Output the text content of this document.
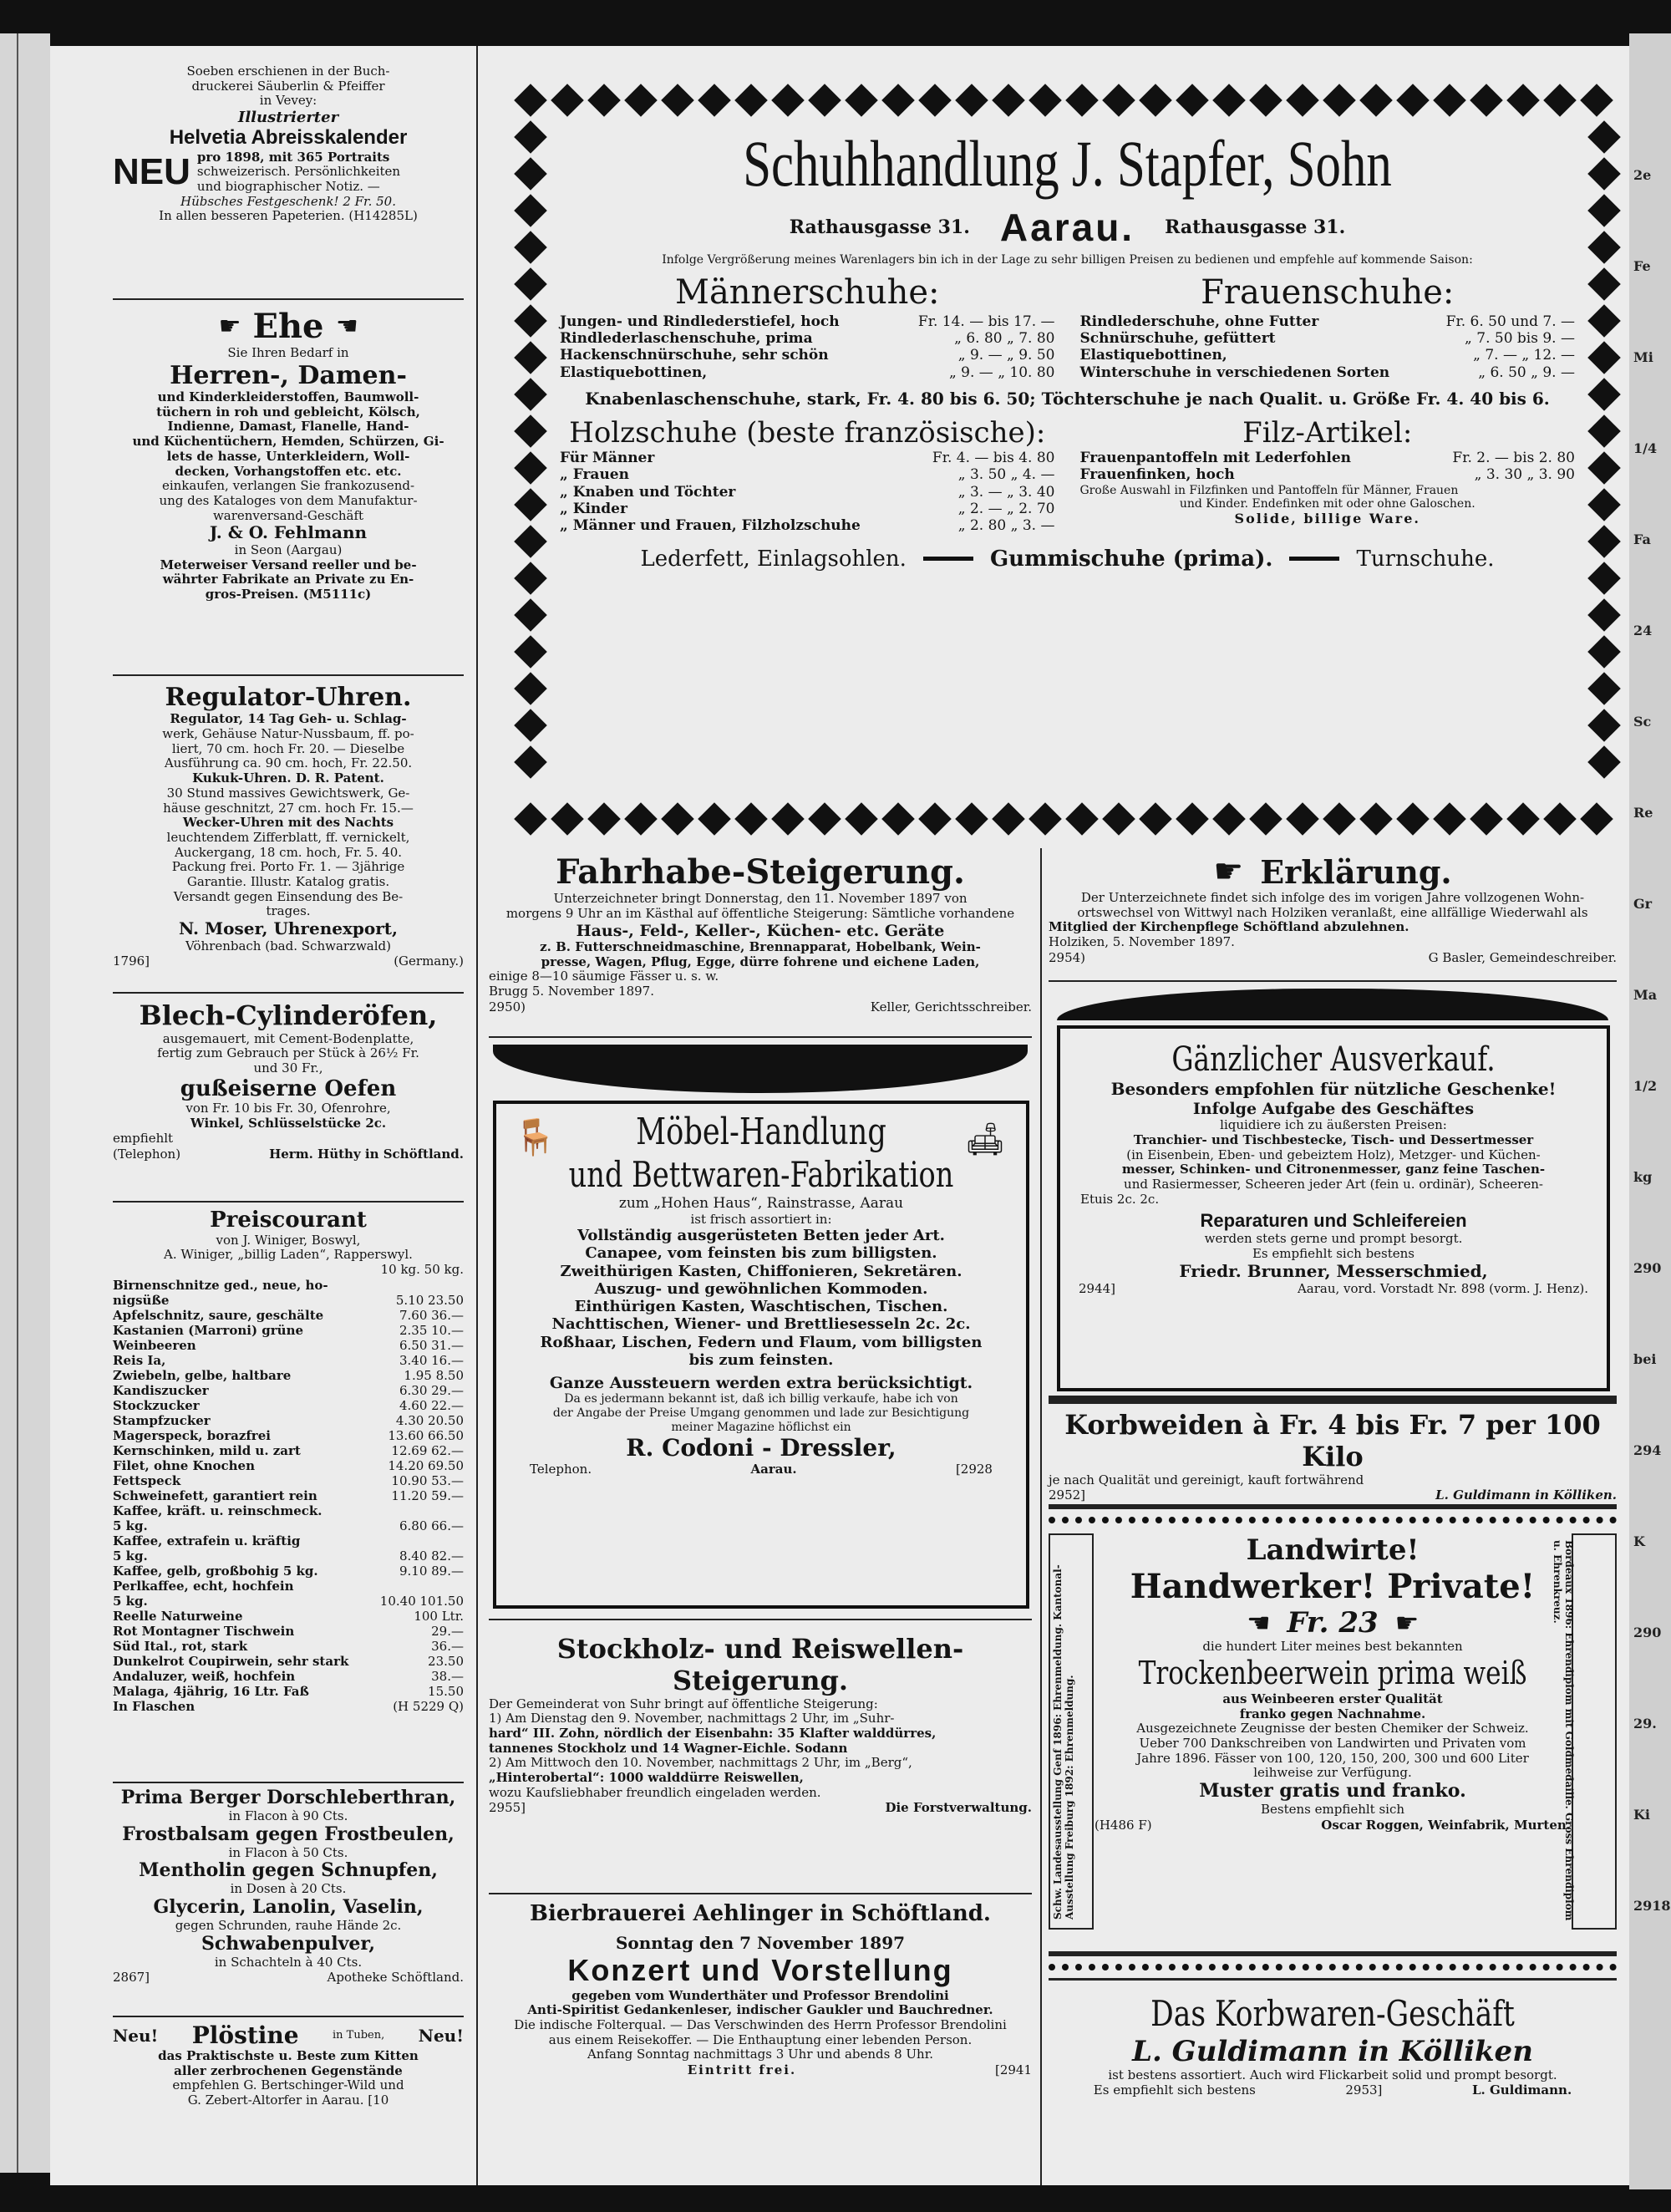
Soeben erschienen in der Buch-
druckerei Säuberlin & Pfeiffer
in Vevey:
Illustrierter
Helvetia Abreisskalender
NEU pro 1898, mit 365 Portraits
schweizerisch. Persönlichkeiten
und biographischer Notiz. —
Hübsches Festgeschenk! 2 Fr. 50.
In allen besseren Papeterien. (H14285L)
☛ Ehe ☛
Sie Ihren Bedarf in
Herren-, Damen-
und Kinderkleiderstoffen, Baumwoll-
tüchern in roh und gebleicht, Kölsch,
Indienne, Damast, Flanelle, Hand-
und Küchentüchern, Hemden, Schürzen, Gi-
lets de hasse, Unterkleidern, Woll-
decken, Vorhangstoffen etc. etc.
einkaufen, verlangen Sie frankozusend-
ung des Kataloges von dem Manufaktur-
warenversand-Geschäft
J. & O. Fehlmann
in Seon (Aargau)
Meterweiser Versand reeller und be-
währter Fabrikate an Private zu En-
gros-Preisen. (M5111c)
Regulator-Uhren.
Regulator, 14 Tag Geh- u. Schlag-
werk, Gehäuse Natur-Nussbaum, ff. po-
liert, 70 cm. hoch Fr. 20. — Dieselbe
Ausführung ca. 90 cm. hoch, Fr. 22.50.
Kukuk-Uhren. D. R. Patent.
30 Stund massives Gewichtswerk, Ge-
häuse geschnitzt, 27 cm. hoch Fr. 15.—
Wecker-Uhren mit des Nachts
leuchtendem Zifferblatt, ff. vernickelt,
Auckergang, 18 cm. hoch, Fr. 5. 40.
Packung frei. Porto Fr. 1. — 3jährige
Garantie. Illustr. Katalog gratis.
Versandt gegen Einsendung des Be-
trages.
N. Moser, Uhrenexport,
Vöhrenbach (bad. Schwarzwald)
1796]	(Germany.)
Blech-Cylinderöfen,
ausgemauert, mit Cement-Bodenplatte,
fertig zum Gebrauch per Stück à 26½ Fr.
und 30 Fr.,
gußeiserne Oefen
von Fr. 10 bis Fr. 30, Ofenrohre,
Winkel, Schlüsselstücke 2c.
empfiehlt
(Telephon)	Herm. Hüthy in Schöftland.
Preiscourant
von J. Winiger, Boswyl,
A. Winiger, „billig Laden“, Rapperswyl.
10 kg. 50 kg.
Birnenschnitze ged., neue, ho-
nigsüße	5.10 23.50
Apfelschnitz, saure, geschälte	7.60 36.—
Kastanien (Marroni) grüne	2.35 10.—
Weinbeeren	6.50 31.—
Reis Ia,	3.40 16.—
Zwiebeln, gelbe, haltbare	1.95 8.50
Kandiszucker	6.30 29.—
Stockzucker	4.60 22.—
Stampfzucker	4.30 20.50
Magerspeck, borazfrei	13.60 66.50
Kernschinken, mild u. zart	12.69 62.—
Filet, ohne Knochen	14.20 69.50
Fettspeck	10.90 53.—
Schweinefett, garantiert rein	11.20 59.—
Kaffee, kräft. u. reinschmeck.
5 kg.	6.80 66.—
Kaffee, extrafein u. kräftig
5 kg.	8.40 82.—
Kaffee, gelb, großbohig 5 kg.	9.10 89.—
Perlkaffee, echt, hochfein
5 kg.	10.40 101.50
Reelle Naturweine	100 Ltr.
Rot Montagner Tischwein	29.—
Süd Ital., rot, stark	36.—
Dunkelrot Coupirwein, sehr stark	23.50
Andaluzer, weiß, hochfein	38.—
Malaga, 4jährig, 16 Ltr. Faß	15.50
In Flaschen	(H 5229 Q)
Prima Berger Dorschleberthran,
in Flacon à 90 Cts.
Frostbalsam gegen Frostbeulen,
in Flacon à 50 Cts.
Mentholin gegen Schnupfen,
in Dosen à 20 Cts.
Glycerin, Lanolin, Vaselin,
gegen Schrunden, rauhe Hände 2c.
Schwabenpulver,
in Schachteln à 40 Cts.
2867]	Apotheke Schöftland.
Neu! Plöstine	in Tuben, Neu!
das Praktischste u. Beste zum Kitten
aller zerbrochenen Gegenstände
empfehlen G. Bertschinger-Wild und
G. Zebert-Altorfer in Aarau. [10
Schuhhandlung J. Stapfer, Sohn
Rathausgasse 31. Aarau. Rathausgasse 31.
Infolge Vergrößerung meines Warenlagers bin ich in der Lage zu sehr billigen Preisen zu bedienen und empfehle auf kommende Saison:
Männerschuhe:
Jungen- und Rindlederstiefel, hoch	Fr. 14. — bis 17. —
Rindlederlaschenschuhe, prima	„ 6. 80 „ 7. 80
Hackenschnürschuhe, sehr schön	„ 9. — „ 9. 50
Elastiquebottinen,	„ 9. — „ 10. 80
Frauenschuhe:
Rindlederschuhe, ohne Futter	Fr. 6. 50 und 7. —
Schnürschuhe, gefüttert	„ 7. 50 bis 9. —
Elastiquebottinen,	„ 7. — „ 12. —
Winterschuhe in verschiedenen Sorten	„ 6. 50 „ 9. —
Knabenlaschenschuhe, stark, Fr. 4. 80 bis 6. 50; Töchterschuhe je nach Qualit. u. Größe Fr. 4. 40 bis 6.
Holzschuhe (beste französische):
Für Männer	Fr. 4. — bis 4. 80
„ Frauen	„ 3. 50 „ 4. —
„ Knaben und Töchter	„ 3. — „ 3. 40
„ Kinder	„ 2. — „ 2. 70
„ Männer und Frauen, Filzholzschuhe	„ 2. 80 „ 3. —
Filz-Artikel:
Frauenpantoffeln mit Lederfohlen	Fr. 2. — bis 2. 80
Frauenfinken, hoch	„ 3. 30 „ 3. 90
Große Auswahl in Filzfinken und Pantoffeln für Männer, Frauen
und Kinder. Endefinken mit oder ohne Galoschen.
Solide, billige Ware.
Lederfett, Einlagsohlen.	Gummischuhe (prima).	Turnschuhe.
Fahrhabe-Steigerung.
Unterzeichneter bringt Donnerstag, den 11. November 1897 von
morgens 9 Uhr an im Kästhal auf öffentliche Steigerung: Sämtliche vorhandene
Haus-, Feld-, Keller-, Küchen- etc. Geräte
z. B. Futterschneidmaschine, Brennapparat, Hobelbank, Wein-
presse, Wagen, Pflug, Egge, dürre fohrene und eichene Laden,
einige 8—10 säumige Fässer u. s. w.
Brugg 5. November 1897.
2950)	Keller, Gerichtsschreiber.
🪑	🛋
Möbel-Handlung
und Bettwaren-Fabrikation
zum „Hohen Haus“, Rainstrasse, Aarau
ist frisch assortiert in:
Vollständig ausgerüsteten Betten jeder Art.
Canapee, vom feinsten bis zum billigsten.
Zweithürigen Kasten, Chiffonieren, Sekretären.
Auszug- und gewöhnlichen Kommoden.
Einthürigen Kasten, Waschtischen, Tischen.
Nachttischen, Wiener- und Brettliesesseln 2c. 2c.
Roßhaar, Lischen, Federn und Flaum, vom billigsten
bis zum feinsten.
Ganze Aussteuern werden extra berücksichtigt.
Da es jedermann bekannt ist, daß ich billig verkaufe, habe ich von
der Angabe der Preise Umgang genommen und lade zur Besichtigung
meiner Magazine höflichst ein
R. Codoni - Dressler,
Telephon.	Aarau.	[2928
Stockholz- und Reiswellen-Steigerung.
Der Gemeinderat von Suhr bringt auf öffentliche Steigerung:
1) Am Dienstag den 9. November, nachmittags 2 Uhr, im „Suhr-
hard“ III. Zohn, nördlich der Eisenbahn: 35 Klafter walddürres,
tannenes Stockholz und 14 Wagner-Eichle. Sodann
2) Am Mittwoch den 10. November, nachmittags 2 Uhr, im „Berg“,
„Hinterobertal“: 1000 walddürre Reiswellen,
wozu Kaufsliebhaber freundlich eingeladen werden.
2955]	Die Forstverwaltung.
Bierbrauerei Aehlinger in Schöftland.
Sonntag den 7 November 1897
Konzert und Vorstellung
gegeben vom Wunderthäter und Professor Brendolini
Anti-Spiritist Gedankenleser, indischer Gaukler und Bauchredner.
Die indische Folterqual. — Das Verschwinden des Herrn Professor Brendolini
aus einem Reisekoffer. — Die Enthauptung einer lebenden Person.
Anfang Sonntag nachmittags 3 Uhr und abends 8 Uhr.
Eintritt frei.	[2941
☛ Erklärung.
Der Unterzeichnete findet sich infolge des im vorigen Jahre vollzogenen Wohn-
ortswechsel von Wittwyl nach Holziken veranlaßt, eine allfällige Wiederwahl als
Mitglied der Kirchenpflege Schöftland abzulehnen.
Holziken, 5. November 1897.
2954)	G Basler, Gemeindeschreiber.
Gänzlicher Ausverkauf.
Besonders empfohlen für nützliche Geschenke!
Infolge Aufgabe des Geschäftes
liquidiere ich zu äußersten Preisen:
Tranchier- und Tischbestecke, Tisch- und Dessertmesser
(in Eisenbein, Eben- und gebeiztem Holz), Metzger- und Küchen-
messer, Schinken- und Citronenmesser, ganz feine Taschen-
und Rasiermesser, Scheeren jeder Art (fein u. ordinär), Scheeren-
Etuis 2c. 2c.
Reparaturen und Schleifereien
werden stets gerne und prompt besorgt.
Es empfiehlt sich bestens
Friedr. Brunner, Messerschmied,
2944]	Aarau, vord. Vorstadt Nr. 898 (vorm. J. Henz).
Korbweiden à Fr. 4 bis Fr. 7 per 100 Kilo
je nach Qualität und gereinigt, kauft fortwährend
2952]	L. Guldimann in Kölliken.
Schw. Landesausstellung Genf 1896: Ehrenmeldung. Kantonal-Ausstellung Freiburg 1892: Ehrenmeldung.	Bordeaux 1896: Ehrendiplom mit Goldmedaille. Gross Ehrendiplom u. Ehrenkreuz.
Landwirte!
Handwerker! Private!
☛ Fr. 23 ☛
die hundert Liter meines best bekannten
Trockenbeerwein prima weiß
aus Weinbeeren erster Qualität
franko gegen Nachnahme.
Ausgezeichnete Zeugnisse der besten Chemiker der Schweiz.
Ueber 700 Dankschreiben von Landwirten und Privaten vom
Jahre 1896. Fässer von 100, 120, 150, 200, 300 und 600 Liter
leihweise zur Verfügung.
Muster gratis und franko.
Bestens empfiehlt sich
(H486 F)	Oscar Roggen, Weinfabrik, Murten.
Das Korbwaren-Geschäft
L. Guldimann in Kölliken
ist bestens assortiert. Auch wird Flickarbeit solid und prompt besorgt.
Es empfiehlt sich bestens	2953]	L. Guldimann.
2e
Fe
Mi
1/4
Fa
24
Sc
Re
Gr
Ma
1/2
kg
290
bei
294
K
290
29.
Ki
2918
